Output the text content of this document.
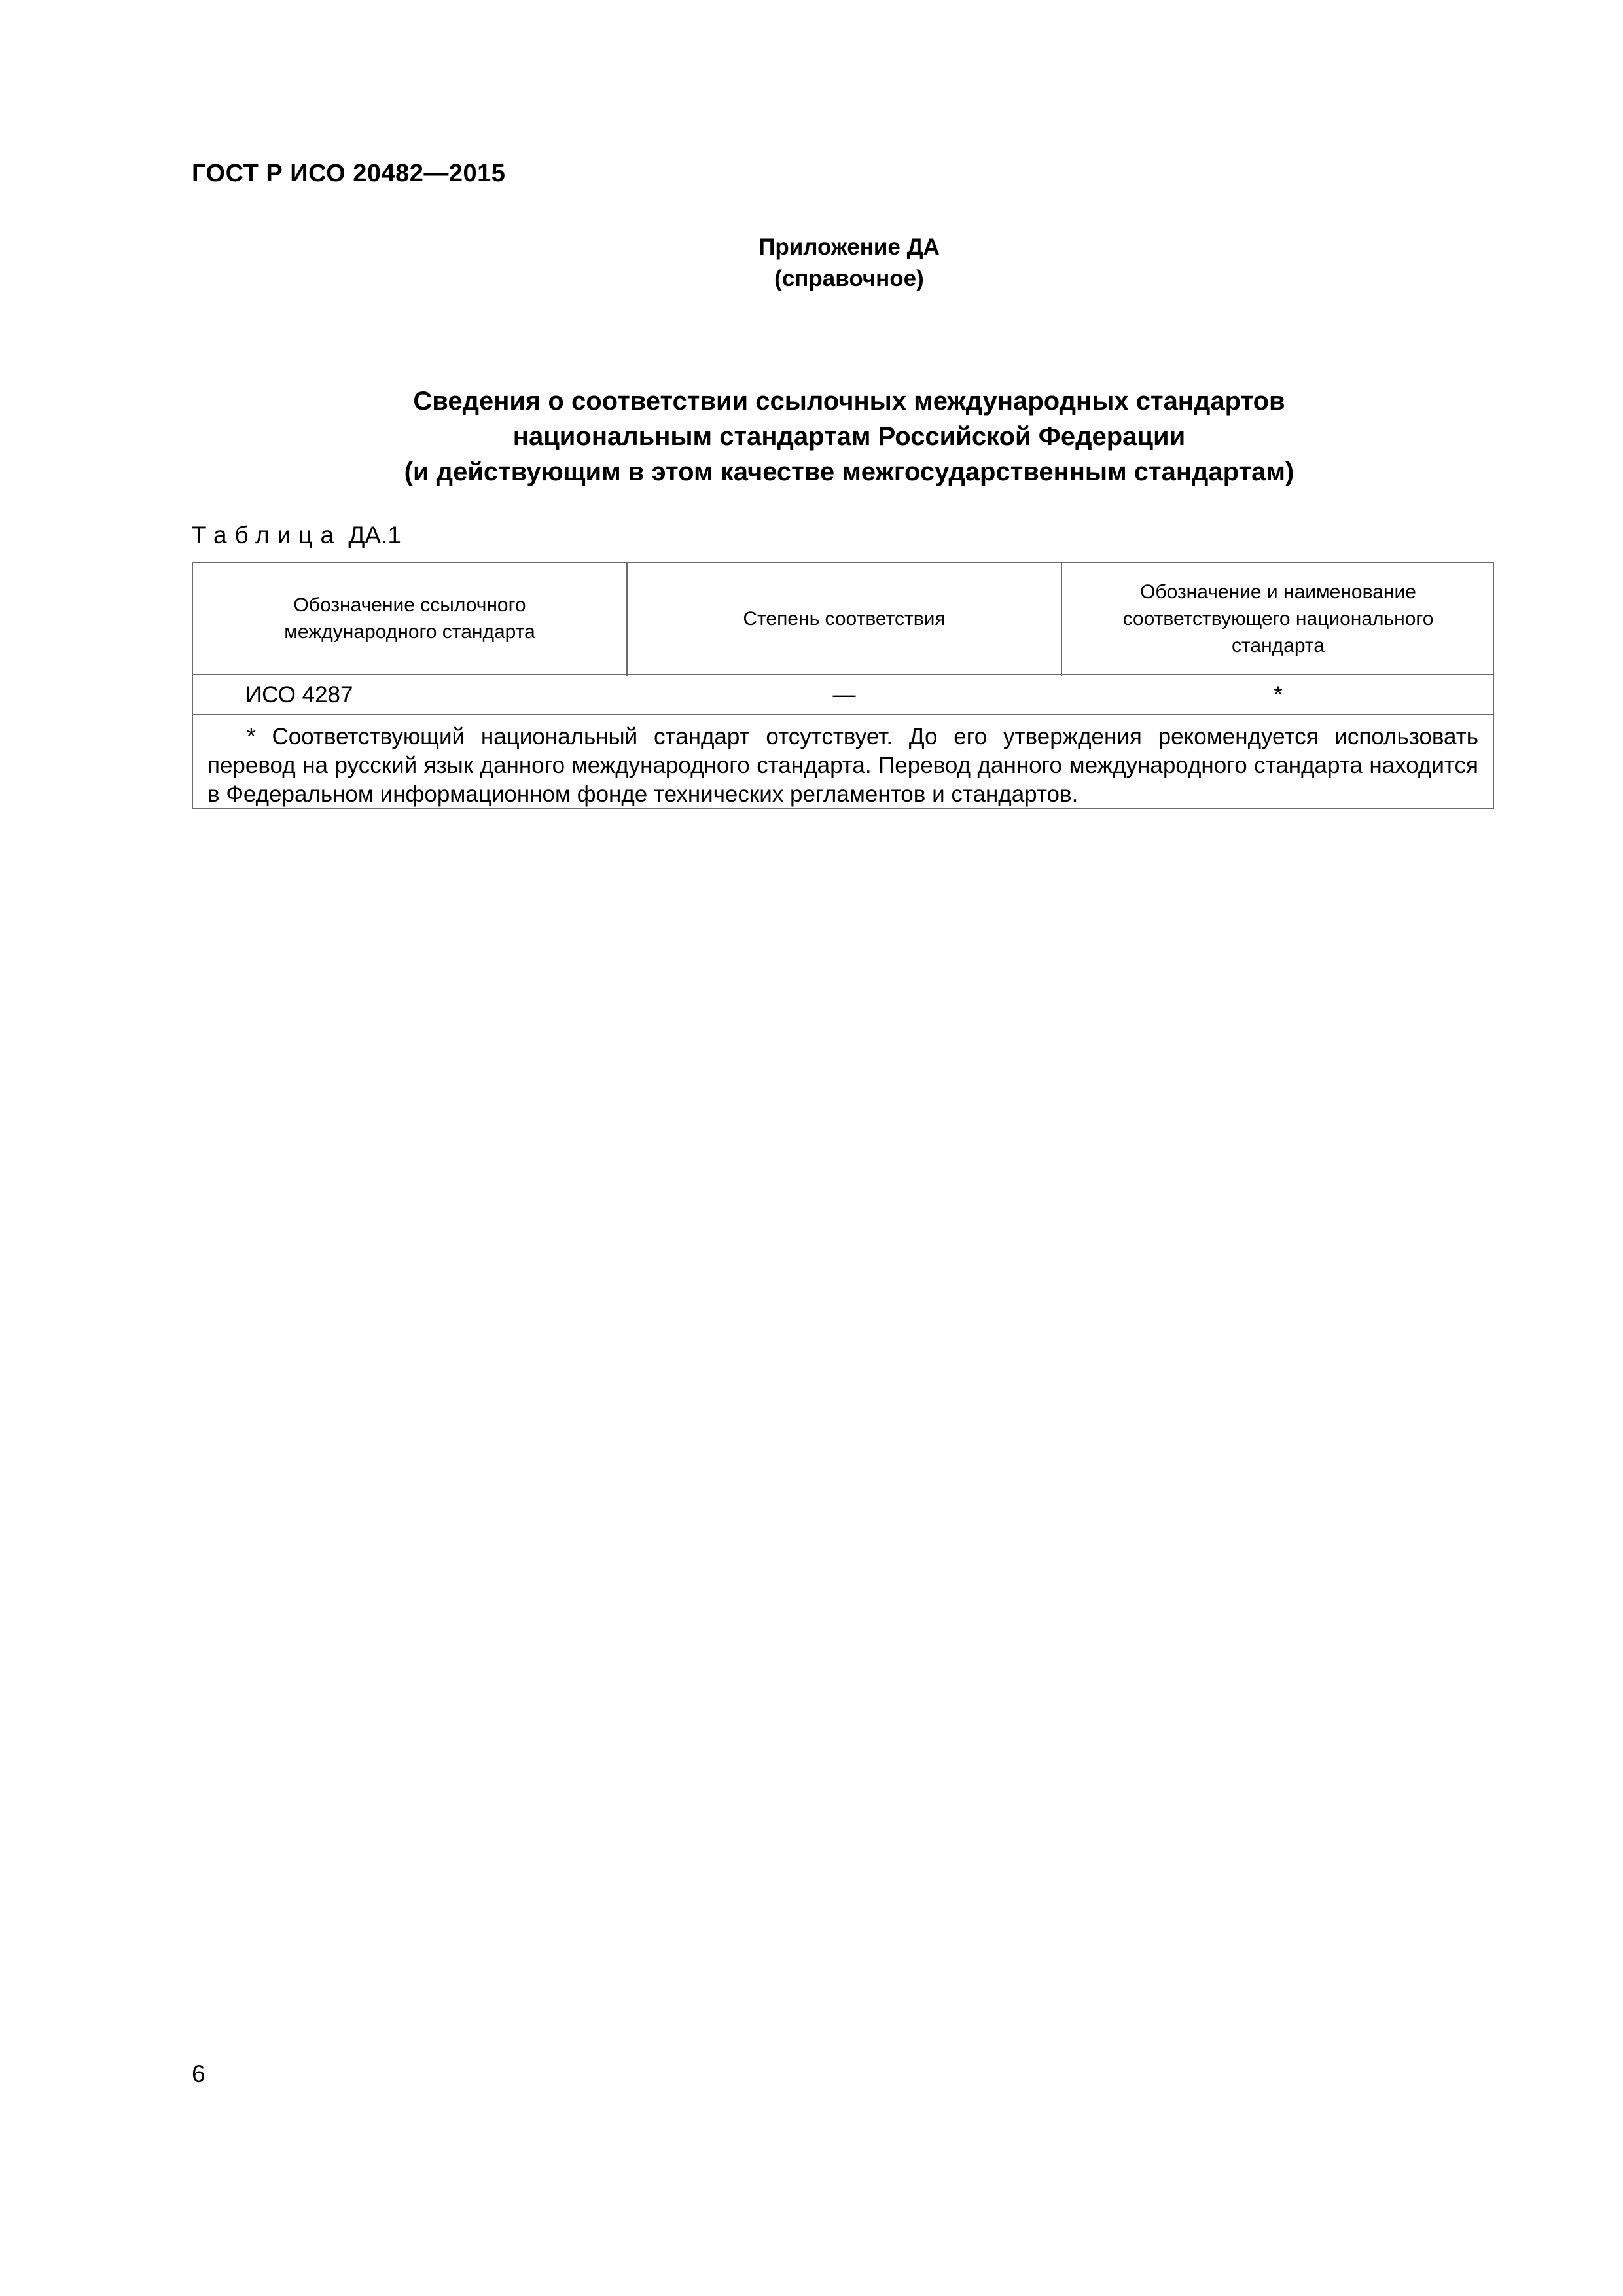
ГОСТ Р ИСО 20482—2015
Приложение ДА
(справочное)
Сведения о соответствии ссылочных международных стандартов
национальным стандартам Российской Федерации
(и действующим в этом качестве межгосударственным стандартам)
Таблица ДА.1
Обозначение ссылочного
международного стандарта
Степень соответствия
Обозначение и наименование
соответствующего национального
стандарта
ИСО 4287	—	*
* Соответствующий национальный стандарт отсутствует. До его утверждения рекомендуется использовать перевод на русский язык данного международного стандарта. Перевод данного международного стандарта находится в Федеральном информационном фонде технических регламентов и стандартов.
6
